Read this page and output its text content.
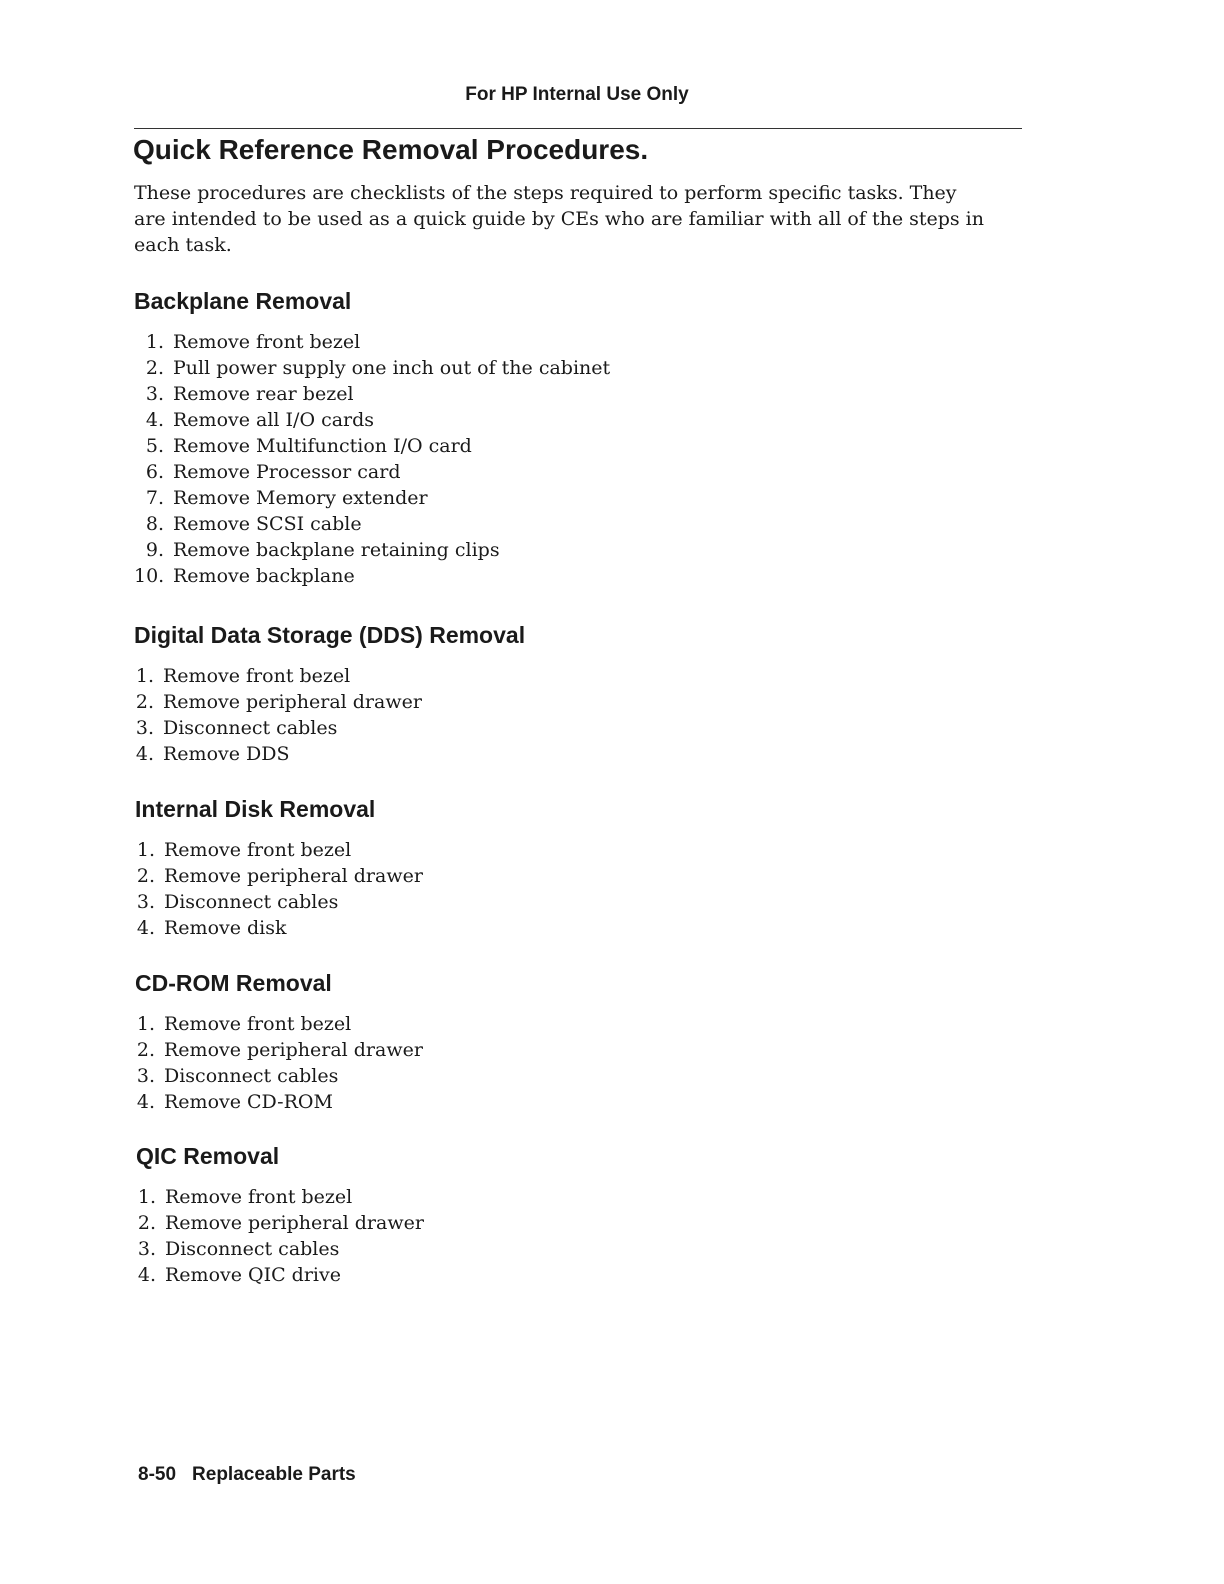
For HP Internal Use Only
Quick Reference Removal Procedures.

These procedures are checklists of the steps required to perform specific tasks. They are intended to be used as a quick guide by CEs who are familiar with all of the steps in each task.

Backplane Removal
1. Remove front bezel
2. Pull power supply one inch out of the cabinet
3. Remove rear bezel
4. Remove all I/O cards
5. Remove Multifunction I/O card
6. Remove Processor card
7. Remove Memory extender
8. Remove SCSI cable
9. Remove backplane retaining clips
10. Remove backplane
Digital Data Storage (DDS) Removal
1. Remove front bezel
2. Remove peripheral drawer
3. Disconnect cables
4. Remove DDS
Internal Disk Removal
1. Remove front bezel
2. Remove peripheral drawer
3. Disconnect cables
4. Remove disk
CD-ROM Removal
1. Remove front bezel
2. Remove peripheral drawer
3. Disconnect cables
4. Remove CD-ROM
QIC Removal
1. Remove front bezel
2. Remove peripheral drawer
3. Disconnect cables
4. Remove QIC drive
8-50 Replaceable Parts
